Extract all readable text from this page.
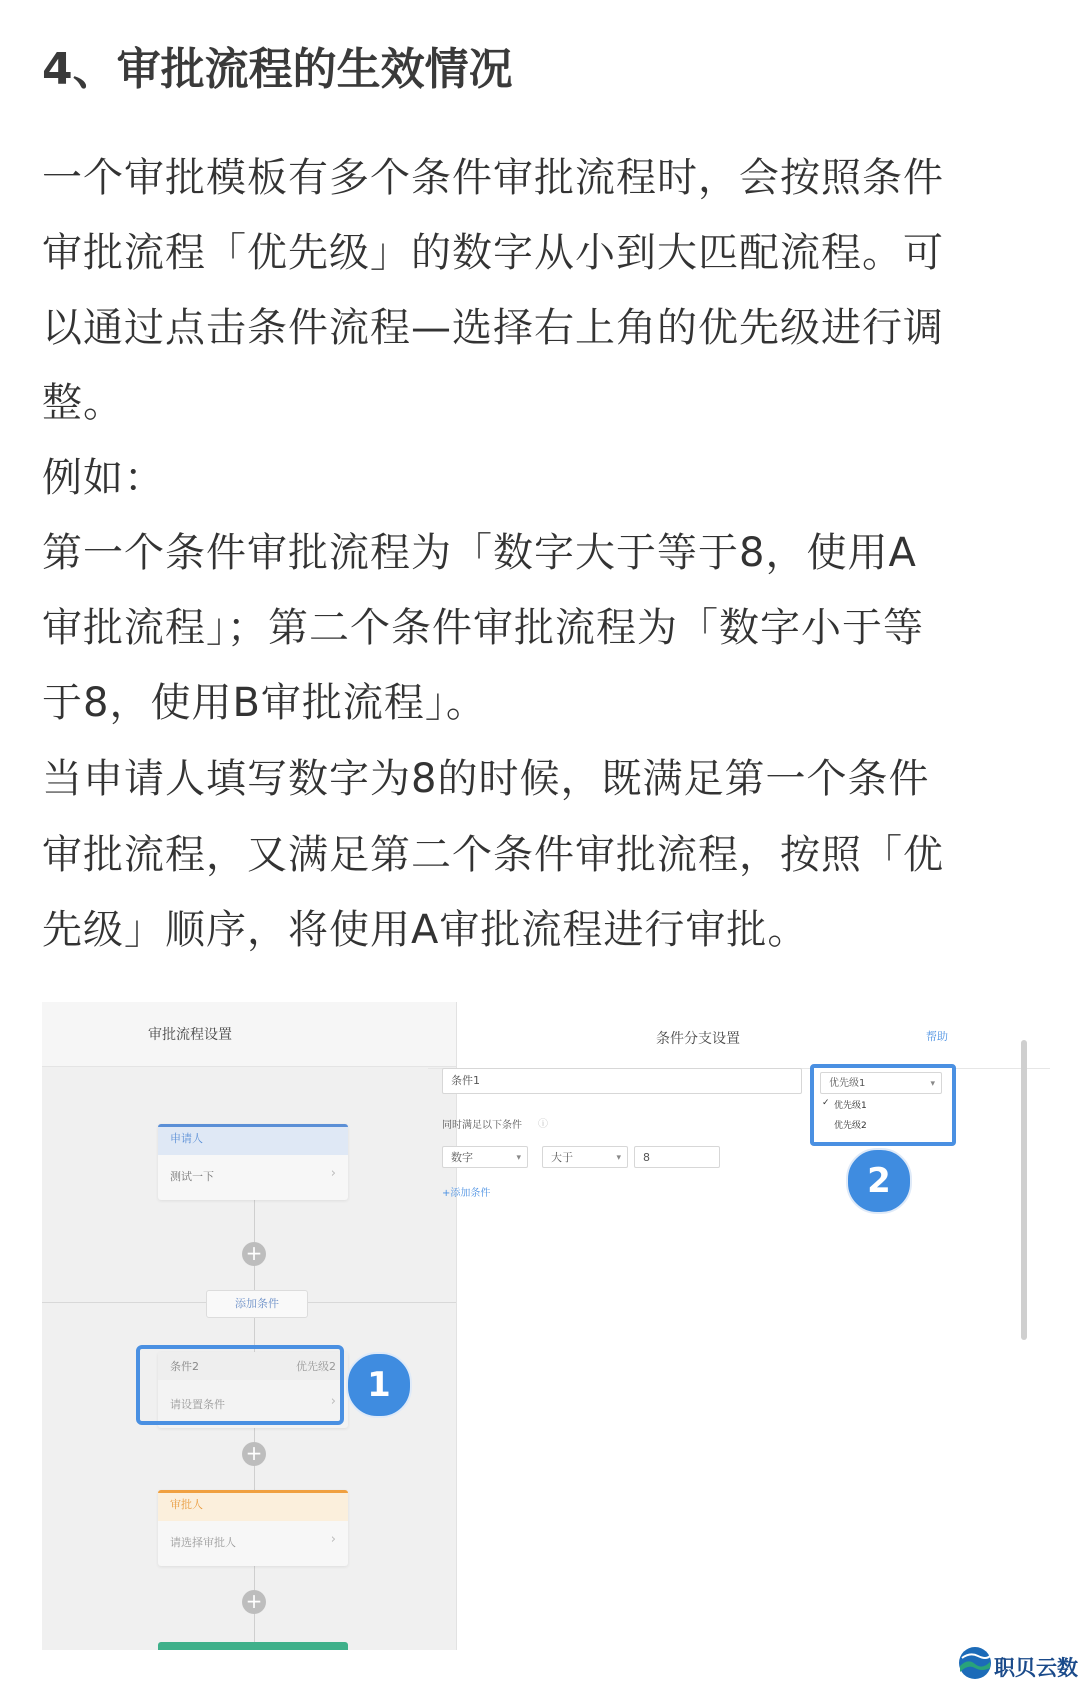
4、审批流程的生效情况
一个审批模板有多个条件审批流程时，会按照条件
审批流程「优先级」的数字从小到大匹配流程。可
以通过点击条件流程—选择右上角的优先级进行调
整。
例如：
第一个条件审批流程为「数字大于等于8，使用A
审批流程」；第二个条件审批流程为「数字小于等
于8，使用B审批流程」。
当申请人填写数字为8的时候，既满足第一个条件
审批流程，又满足第二个条件审批流程，按照「优
先级」顺序，将使用A审批流程进行审批。
审批流程设置
申请人
测试一下	›
+
添加条件
条件2	优先级2
请设置条件	›
+
审批人
请选择审批人	›
+
1
条件分支设置	帮助
条件1
同时满足以下条件 ⓘ
数字	▾	大于	▾	8
+添加条件
优先级1	▾
✓ 优先级1
优先级2
2
职贝云数
